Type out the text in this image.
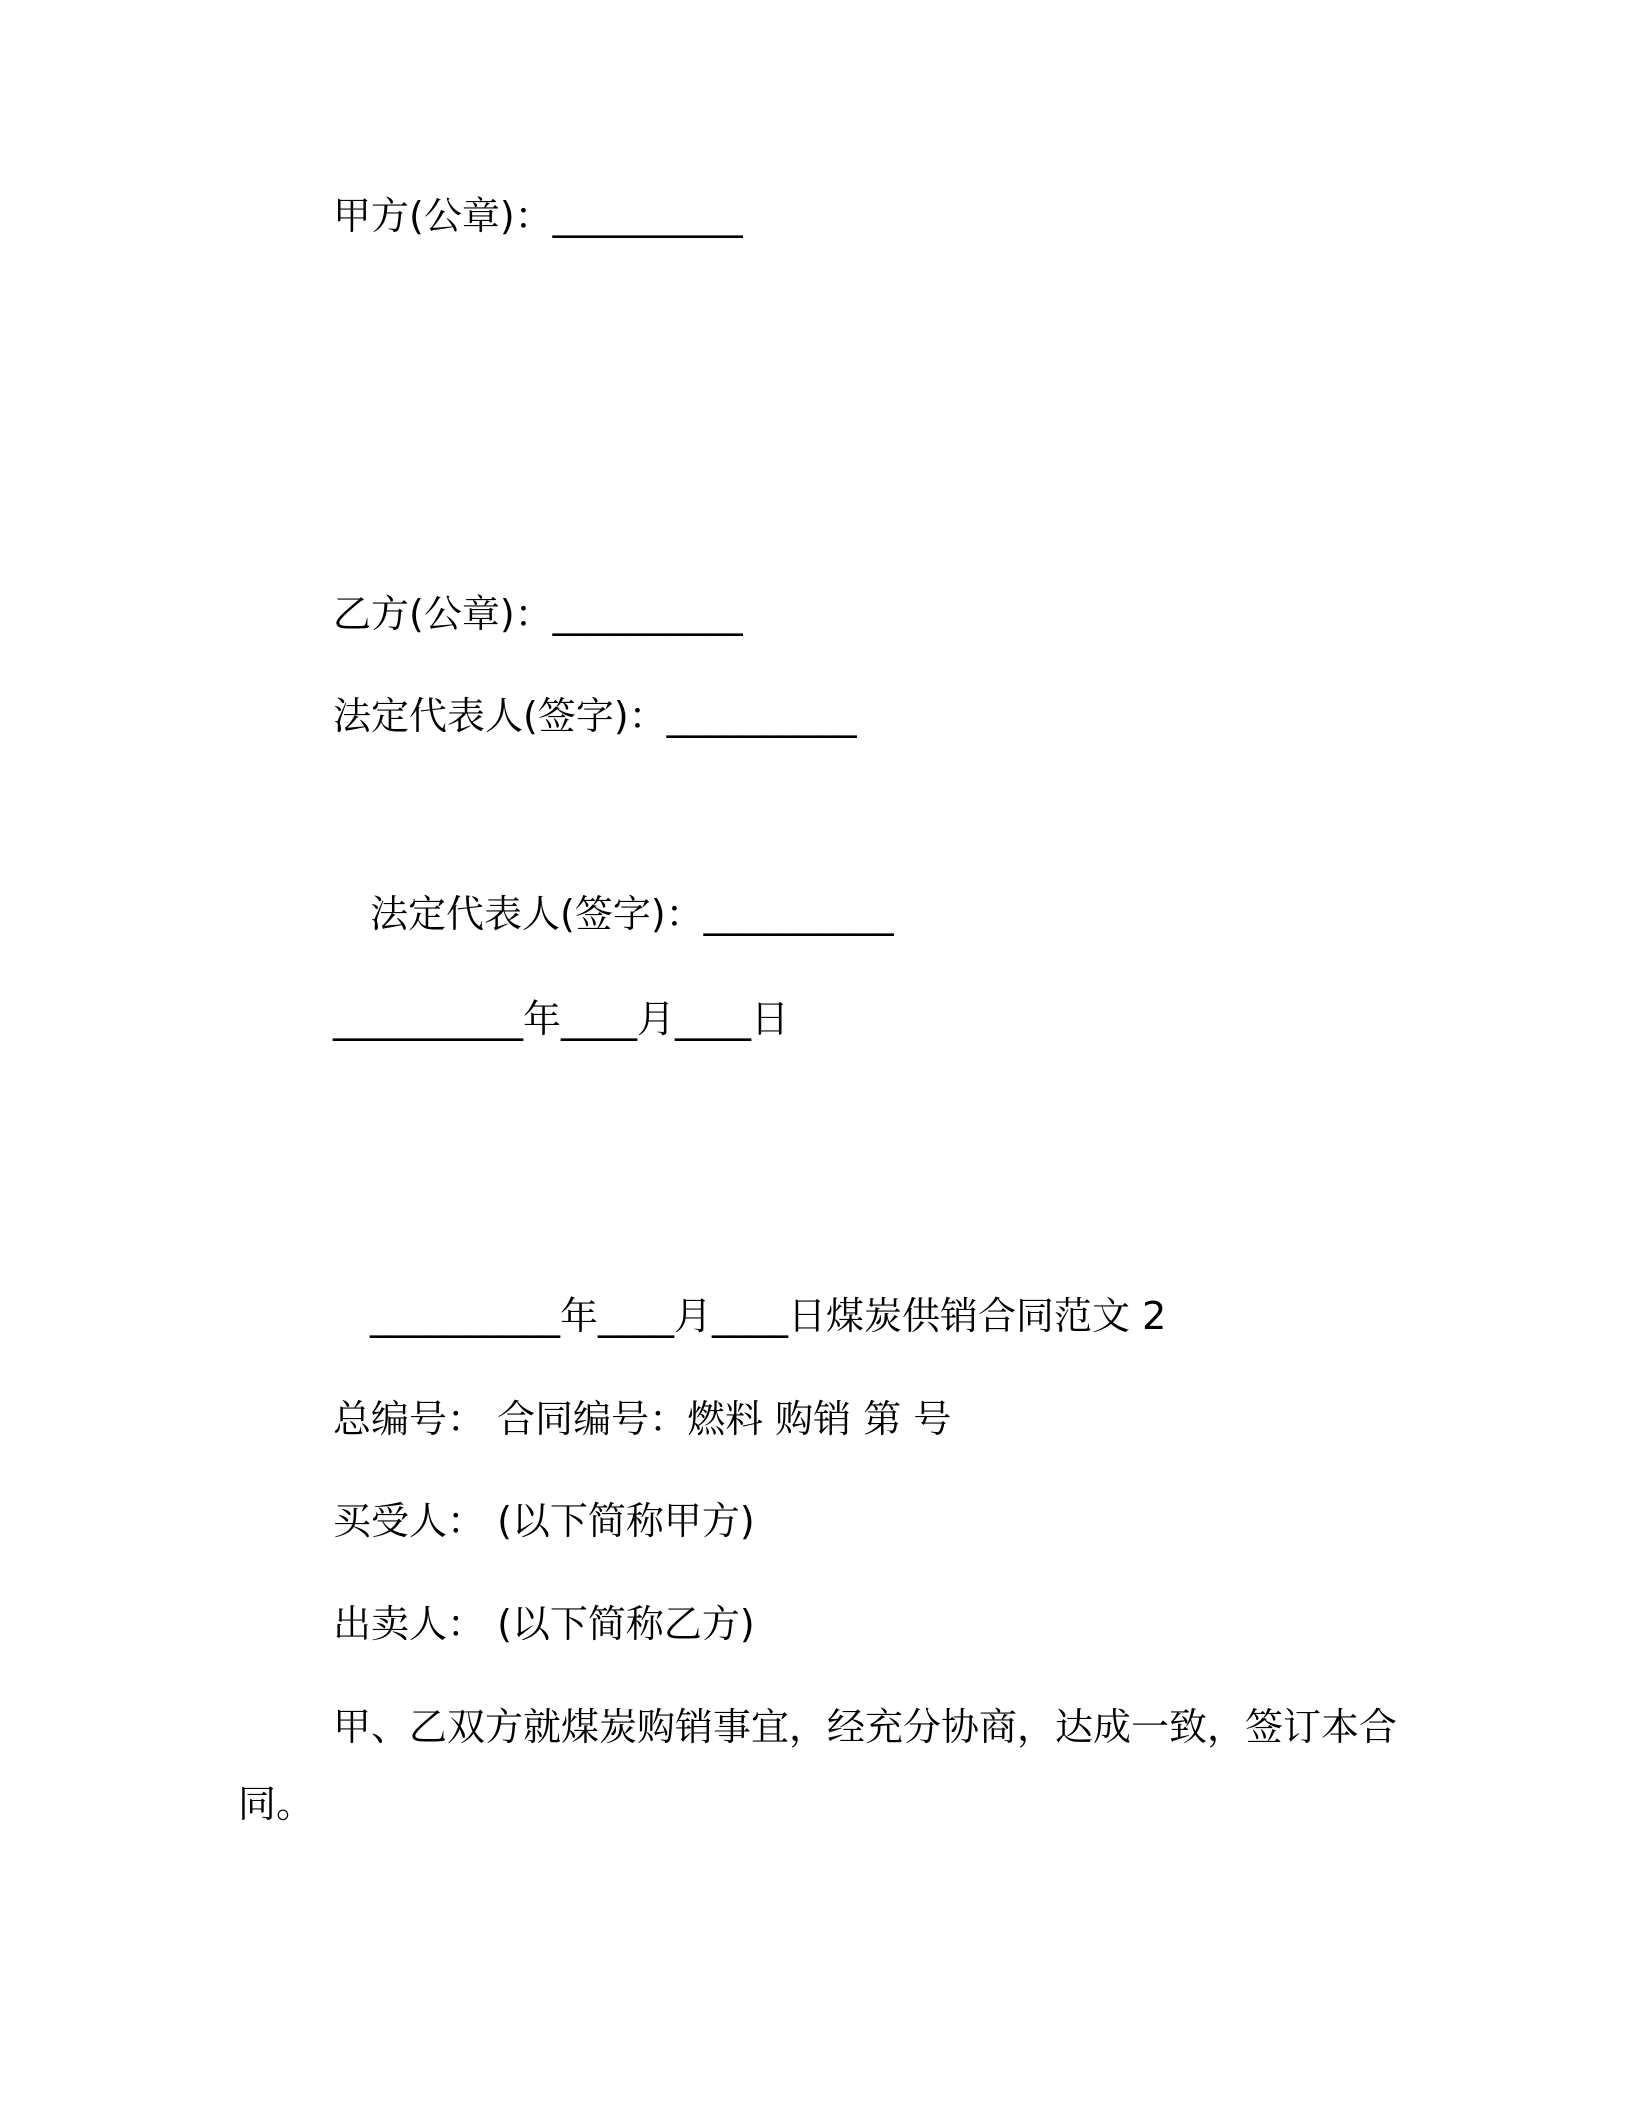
甲方(公章)：__________
乙方(公章)：__________
法定代表人(签字)：__________
法定代表人(签字)：__________
__________年____月____日
__________年____月____日煤炭供销合同范文 2
总编号： 合同编号：燃料 购销 第 号
买受人： (以下简称甲方)
出卖人： (以下简称乙方)
甲、乙双方就煤炭购销事宜，经充分协商，达成一致，签订本合
同。
